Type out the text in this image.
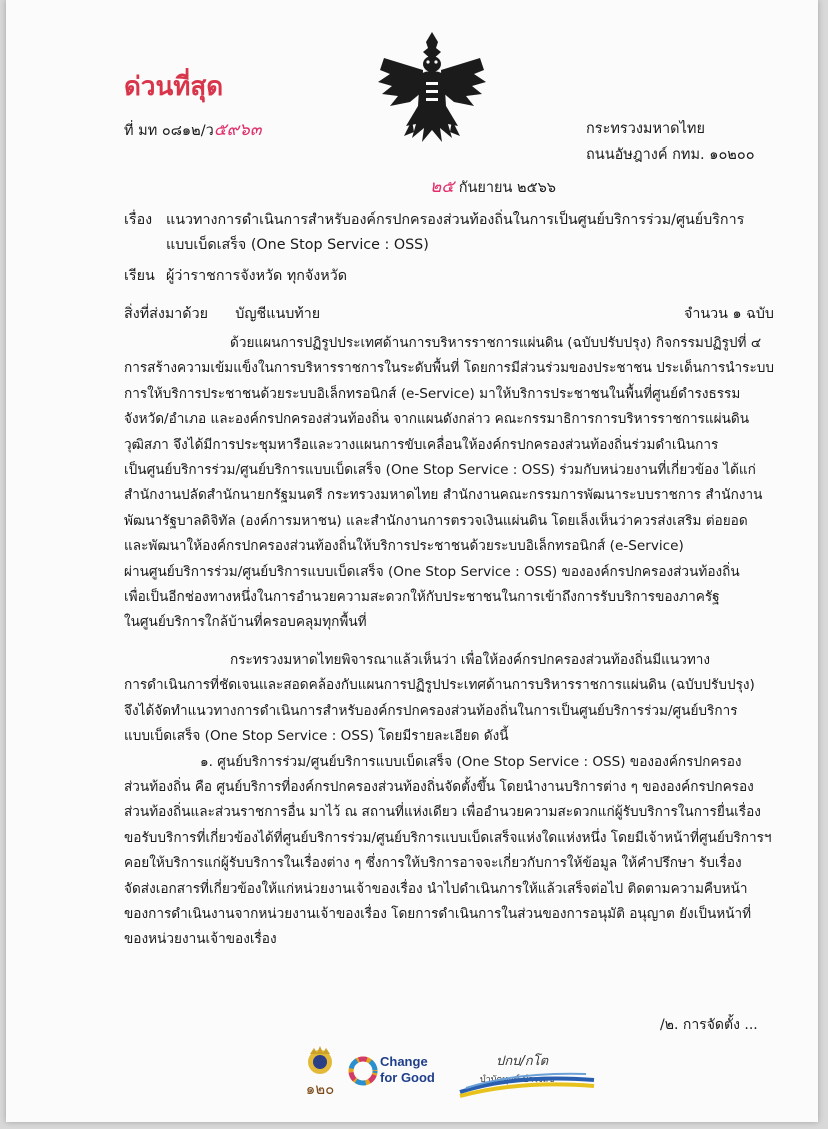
ด่วนที่สุด
ที่ มท ๐๘๑๒/ว๕๙๖๓	กระทรวงมหาดไทย
ถนนอัษฎางค์ กทม. ๑๐๒๐๐
๒๕ กันยายน ๒๕๖๖
เรื่อง แนวทางการดำเนินการสำหรับองค์กรปกครองส่วนท้องถิ่นในการเป็นศูนย์บริการร่วม/ศูนย์บริการ
แบบเบ็ดเสร็จ (One Stop Service : OSS)
เรียน ผู้ว่าราชการจังหวัด ทุกจังหวัด
สิ่งที่ส่งมาด้วย บัญชีแนบท้าย	จำนวน ๑ ฉบับ
ด้วยแผนการปฏิรูปประเทศด้านการบริหารราชการแผ่นดิน (ฉบับปรับปรุง) กิจกรรมปฏิรูปที่ ๔
การสร้างความเข้มแข็งในการบริหารราชการในระดับพื้นที่ โดยการมีส่วนร่วมของประชาชน ประเด็นการนำระบบ
การให้บริการประชาชนด้วยระบบอิเล็กทรอนิกส์ (e-Service) มาให้บริการประชาชนในพื้นที่ศูนย์ดำรงธรรม
จังหวัด/อำเภอ และองค์กรปกครองส่วนท้องถิ่น จากแผนดังกล่าว คณะกรรมาธิการการบริหารราชการแผ่นดิน
วุฒิสภา จึงได้มีการประชุมหารือและวางแผนการขับเคลื่อนให้องค์กรปกครองส่วนท้องถิ่นร่วมดำเนินการ
เป็นศูนย์บริการร่วม/ศูนย์บริการแบบเบ็ดเสร็จ (One Stop Service : OSS) ร่วมกับหน่วยงานที่เกี่ยวข้อง ได้แก่
สำนักงานปลัดสำนักนายกรัฐมนตรี กระทรวงมหาดไทย สำนักงานคณะกรรมการพัฒนาระบบราชการ สำนักงาน
พัฒนารัฐบาลดิจิทัล (องค์การมหาชน) และสำนักงานการตรวจเงินแผ่นดิน โดยเล็งเห็นว่าควรส่งเสริม ต่อยอด
และพัฒนาให้องค์กรปกครองส่วนท้องถิ่นให้บริการประชาชนด้วยระบบอิเล็กทรอนิกส์ (e-Service)
ผ่านศูนย์บริการร่วม/ศูนย์บริการแบบเบ็ดเสร็จ (One Stop Service : OSS) ขององค์กรปกครองส่วนท้องถิ่น
เพื่อเป็นอีกช่องทางหนึ่งในการอำนวยความสะดวกให้กับประชาชนในการเข้าถึงการรับบริการของภาครัฐ
ในศูนย์บริการใกล้บ้านที่ครอบคลุมทุกพื้นที่
กระทรวงมหาดไทยพิจารณาแล้วเห็นว่า เพื่อให้องค์กรปกครองส่วนท้องถิ่นมีแนวทาง
การดำเนินการที่ชัดเจนและสอดคล้องกับแผนการปฏิรูปประเทศด้านการบริหารราชการแผ่นดิน (ฉบับปรับปรุง)
จึงได้จัดทำแนวทางการดำเนินการสำหรับองค์กรปกครองส่วนท้องถิ่นในการเป็นศูนย์บริการร่วม/ศูนย์บริการ
แบบเบ็ดเสร็จ (One Stop Service : OSS) โดยมีรายละเอียด ดังนี้
๑. ศูนย์บริการร่วม/ศูนย์บริการแบบเบ็ดเสร็จ (One Stop Service : OSS) ขององค์กรปกครอง
ส่วนท้องถิ่น คือ ศูนย์บริการที่องค์กรปกครองส่วนท้องถิ่นจัดตั้งขึ้น โดยนำงานบริการต่าง ๆ ขององค์กรปกครอง
ส่วนท้องถิ่นและส่วนราชการอื่น มาไว้ ณ สถานที่แห่งเดียว เพื่ออำนวยความสะดวกแก่ผู้รับบริการในการยื่นเรื่อง
ขอรับบริการที่เกี่ยวข้องได้ที่ศูนย์บริการร่วม/ศูนย์บริการแบบเบ็ดเสร็จแห่งใดแห่งหนึ่ง โดยมีเจ้าหน้าที่ศูนย์บริการฯ
คอยให้บริการแก่ผู้รับบริการในเรื่องต่าง ๆ ซึ่งการให้บริการอาจจะเกี่ยวกับการให้ข้อมูล ให้คำปรึกษา รับเรื่อง
จัดส่งเอกสารที่เกี่ยวข้องให้แก่หน่วยงานเจ้าของเรื่อง นำไปดำเนินการให้แล้วเสร็จต่อไป ติดตามความคืบหน้า
ของการดำเนินงานจากหน่วยงานเจ้าของเรื่อง โดยการดำเนินการในส่วนของการอนุมัติ อนุญาต ยังเป็นหน้าที่
ของหน่วยงานเจ้าของเรื่อง
/๒. การจัดตั้ง ...
๑๒๐
Change
for Good
ปกบ/กโต
บำบัดทุกข์ บำรุงสุข
